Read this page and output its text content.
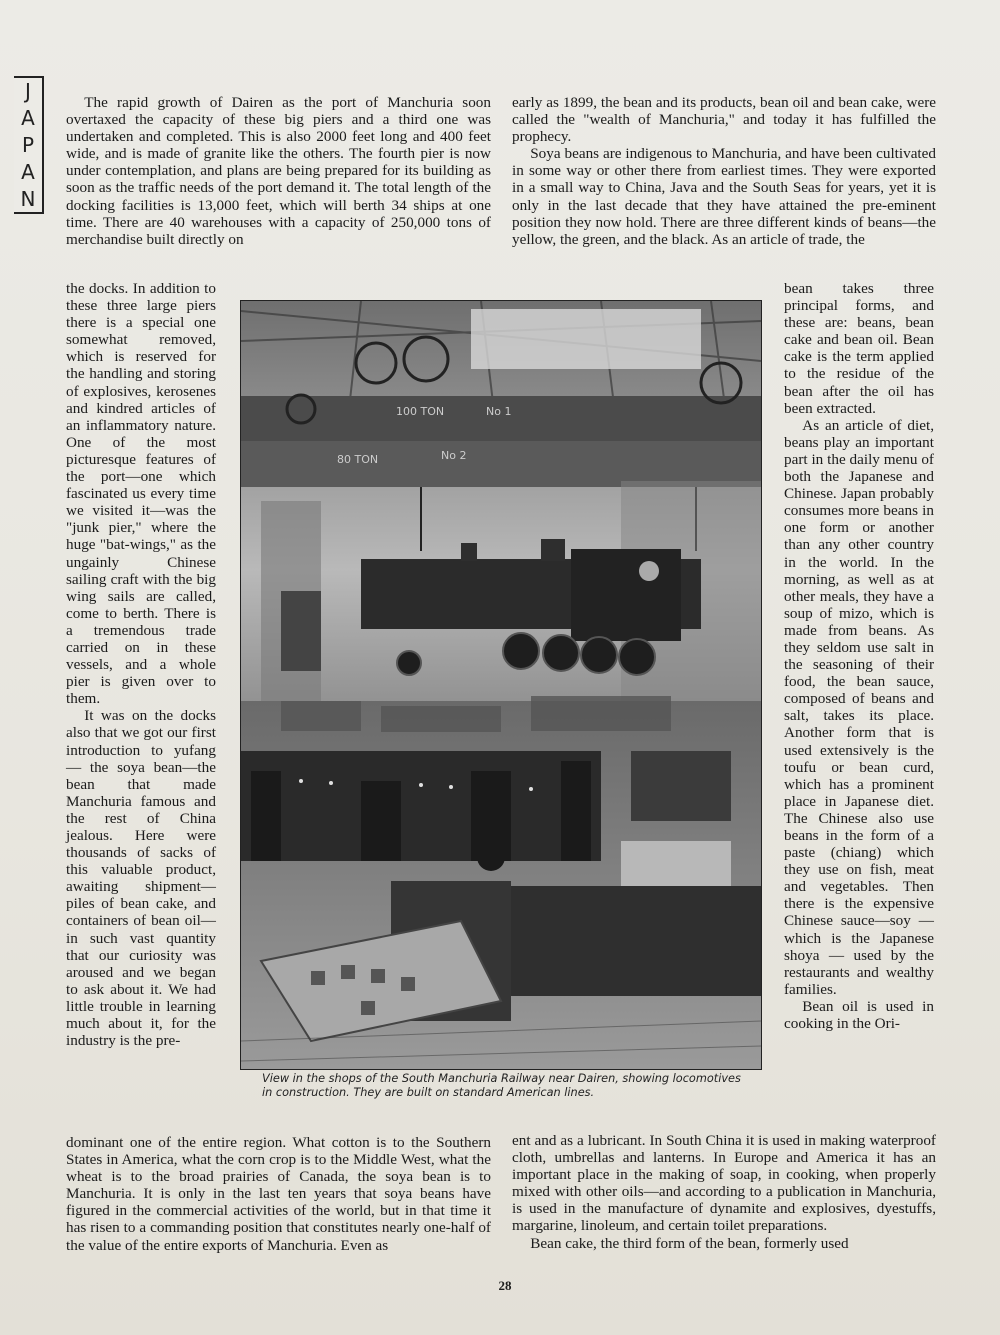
J
A
P
A
N

The rapid growth of Dairen as the port of Manchuria soon overtaxed the capacity of these big piers and a third one was undertaken and completed. This is also 2000 feet long and 400 feet wide, and is made of granite like the others. The fourth pier is now under contemplation, and plans are being prepared for its building as soon as the traffic needs of the port demand it. The total length of the docking facilities is 13,000 feet, which will berth 34 ships at one time. There are 40 warehouses with a capacity of 250,000 tons of merchandise built directly on

early as 1899, the bean and its products, bean oil and bean cake, were called the "wealth of Manchuria," and today it has fulfilled the prophecy.

Soya beans are indigenous to Manchuria, and have been cultivated in some way or other there from earliest times. They were exported in a small way to China, Java and the South Seas for years, yet it is only in the last decade that they have attained the pre-eminent position they now hold. There are three different kinds of beans—the yellow, the green, and the black. As an article of trade, the

the docks. In addition to these three large piers there is a special one somewhat removed, which is reserved for the handling and storing of explosives, kerosenes and kindred articles of an inflammatory nature. One of the most picturesque features of the port—one which fascinated us every time we visited it—was the "junk pier," where the huge "bat-wings," as the ungainly Chinese sailing craft with the big wing sails are called, come to berth. There is a tremendous trade carried on in these vessels, and a whole pier is given over to them.

It was on the docks also that we got our first introduction to yufang — the soya bean—the bean that made Manchuria famous and the rest of China jealous. Here were thousands of sacks of this valuable product, awaiting shipment—piles of bean cake, and containers of bean oil—in such vast quantity that our curiosity was aroused and we began to ask about it. We had little trouble in learning much about it, for the industry is the pre-

bean takes three principal forms, and these are: beans, bean cake and bean oil. Bean cake is the term applied to the residue of the bean after the oil has been extracted.

As an article of diet, beans play an important part in the daily menu of both the Japanese and Chinese. Japan probably consumes more beans in one form or another than any other country in the world. In the morning, as well as at other meals, they have a soup of mizo, which is made from beans. As they seldom use salt in the seasoning of their food, the bean sauce, composed of beans and salt, takes its place. Another form that is used extensively is the toufu or bean curd, which has a prominent place in Japanese diet. The Chinese also use beans in the form of a paste (chiang) which they use on fish, meat and vegetables. Then there is the expensive Chinese sauce—soy — which is the Japanese shoya — used by the restaurants and wealthy families.

Bean oil is used in cooking in the Ori-

100 TON	No 1
80 TON	No 2
View in the shops of the South Manchuria Railway near Dairen, showing locomotives in construction. They are built on standard American lines.

dominant one of the entire region. What cotton is to the Southern States in America, what the corn crop is to the Middle West, what the wheat is to the broad prairies of Canada, the soya bean is to Manchuria. It is only in the last ten years that soya beans have figured in the commercial activities of the world, but in that time it has risen to a commanding position that constitutes nearly one-half of the value of the entire exports of Manchuria. Even as

ent and as a lubricant. In South China it is used in making waterproof cloth, umbrellas and lanterns. In Europe and America it has an important place in the making of soap, in cooking, when properly mixed with other oils—and according to a publication in Manchuria, is used in the manufacture of dynamite and explosives, dyestuffs, margarine, linoleum, and certain toilet preparations.

Bean cake, the third form of the bean, formerly used

28
